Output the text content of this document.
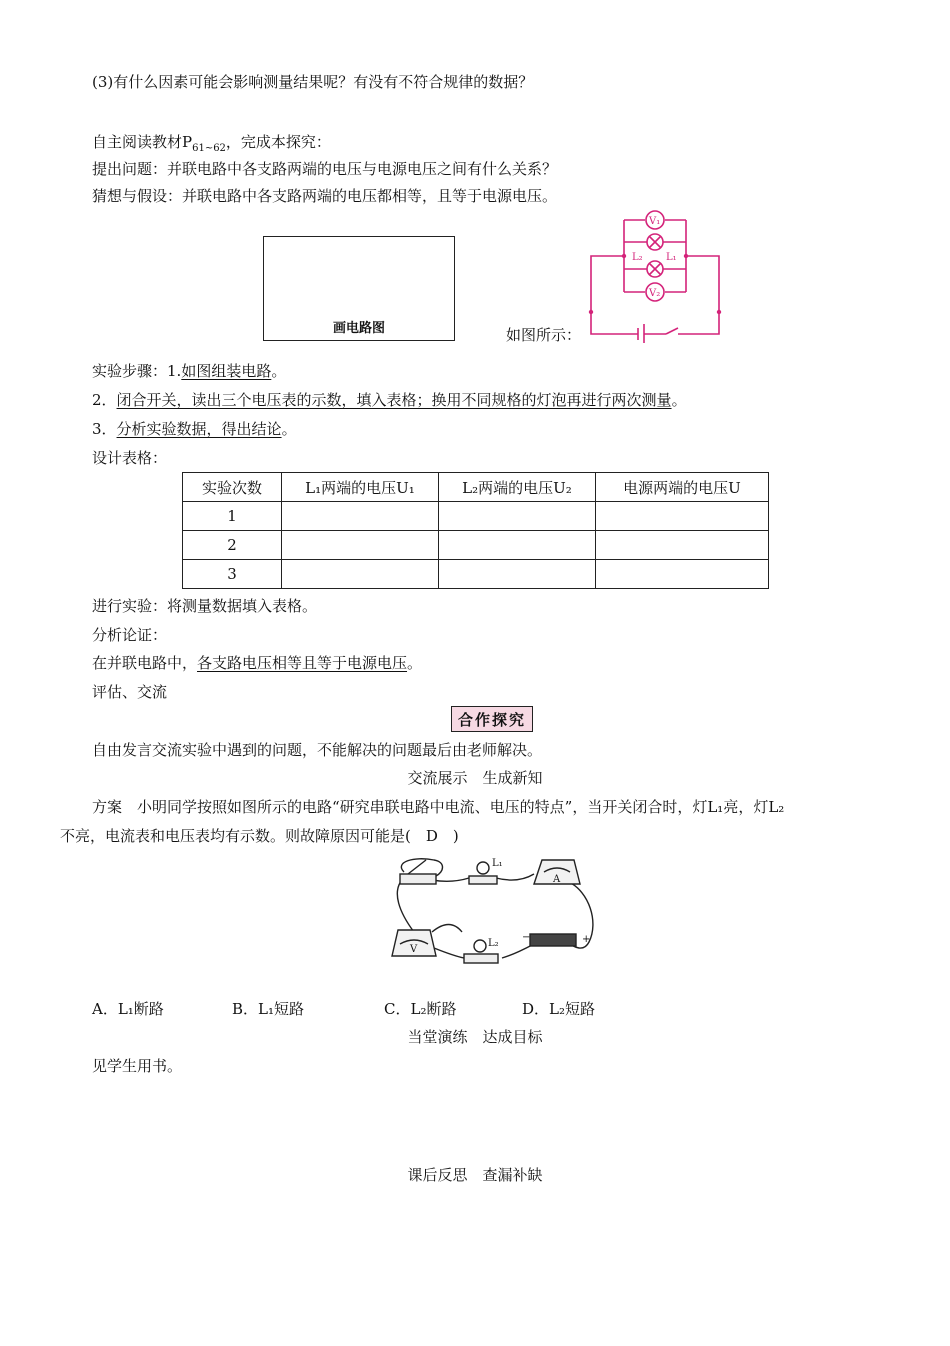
(3)有什么因素可能会影响测量结果呢？有没有不符合规律的数据？
自主阅读教材$P_{61\sim 62}$，完成本探究：
提出问题：并联电路中各支路两端的电压与电源电压之间有什么关系？
猜想与假设：并联电路中各支路两端的电压都相等，且等于电源电压。
画电路图	如图所示：
V₁
V₂
L₂ L₁
实验步骤：1.如图组装电路。
2．闭合开关，读出三个电压表的示数，填入表格；换用不同规格的灯泡再进行两次测量。
3．分析实验数据，得出结论。
设计表格：
实验次数	L₁两端的电压U₁	L₂两端的电压U₂	电源两端的电压U
1			
2			
3			
进行实验：将测量数据填入表格。
分析论证：
在并联电路中，各支路电压相等且等于电源电压。
评估、交流
合作探究
自由发言交流实验中遇到的问题，不能解决的问题最后由老师解决。
交流展示　生成新知
方案　小明同学按照如图所示的电路“研究串联电路中电流、电压的特点”，当开关闭合时，灯L₁亮，灯L₂
不亮，电流表和电压表均有示数。则故障原因可能是(　D　)
L₁
L₂
A
V
−	+
A．L₁断路	B．L₁短路	C．L₂断路	D．L₂短路
当堂演练　达成目标
见学生用书。
课后反思　查漏补缺
